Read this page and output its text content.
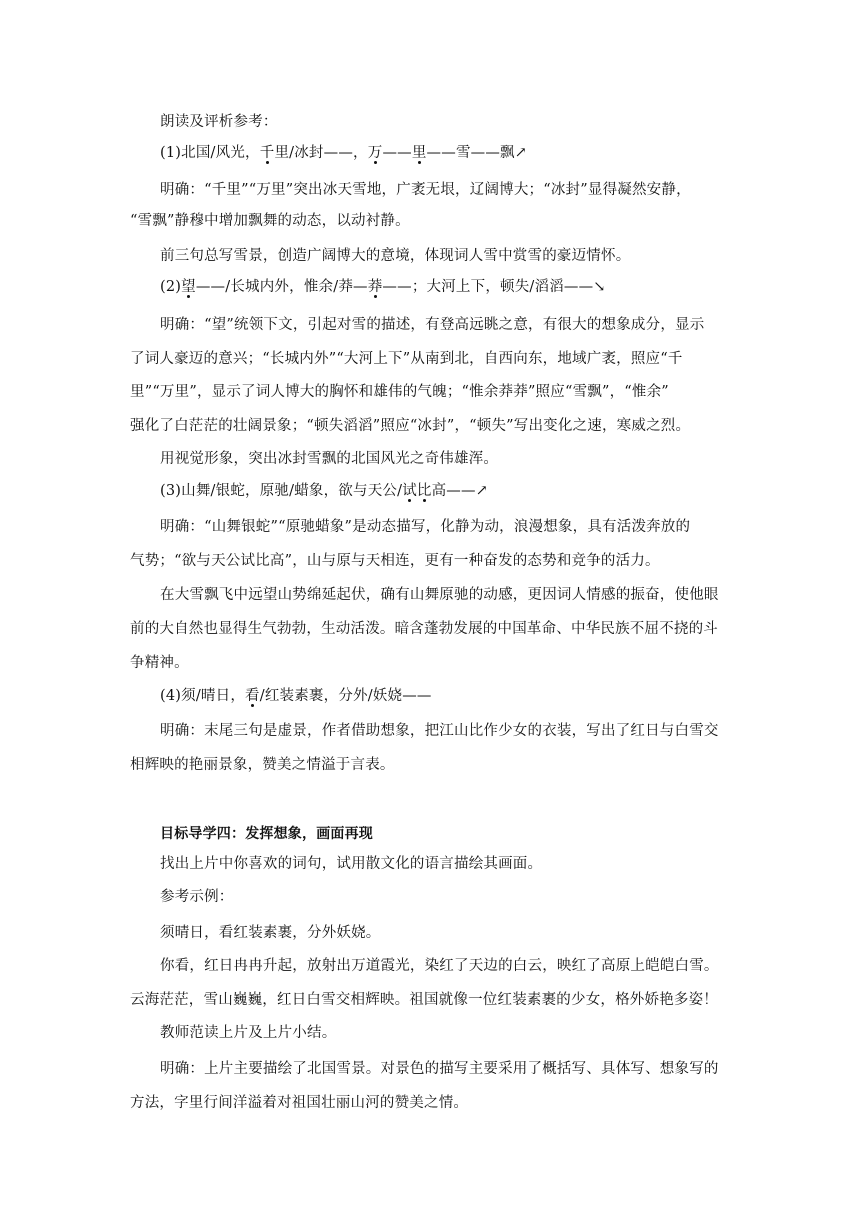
朗读及评析参考：
(1)北国/风光，千里/冰封——，万——里——雪——飘↗
明确：“千里”“万里”突出冰天雪地，广袤无垠，辽阔博大；“冰封”显得凝然安静，
“雪飘”静穆中增加飘舞的动态，以动衬静。
前三句总写雪景，创造广阔博大的意境，体现词人雪中赏雪的豪迈情怀。
(2)望——/长城内外，惟余/莽—莽——；大河上下，顿失/滔滔——↘
明确：“望”统领下文，引起对雪的描述，有登高远眺之意，有很大的想象成分，显示
了词人豪迈的意兴；“长城内外”“大河上下”从南到北，自西向东，地域广袤，照应“千
里”“万里”，显示了词人博大的胸怀和雄伟的气魄；“惟余莽莽”照应“雪飘”，“惟余”
强化了白茫茫的壮阔景象；“顿失滔滔”照应“冰封”，“顿失”写出变化之速，寒威之烈。
用视觉形象，突出冰封雪飘的北国风光之奇伟雄浑。
(3)山舞/银蛇，原驰/蜡象，欲与天公/试比高——↗
明确：“山舞银蛇”“原驰蜡象”是动态描写，化静为动，浪漫想象，具有活泼奔放的
气势；“欲与天公试比高”，山与原与天相连，更有一种奋发的态势和竞争的活力。
在大雪飘飞中远望山势绵延起伏，确有山舞原驰的动感，更因词人情感的振奋，使他眼
前的大自然也显得生气勃勃，生动活泼。暗含蓬勃发展的中国革命、中华民族不屈不挠的斗
争精神。
(4)须/晴日，看/红装素裹，分外/妖娆——
明确：末尾三句是虚景，作者借助想象，把江山比作少女的衣装，写出了红日与白雪交
相辉映的艳丽景象，赞美之情溢于言表。
目标导学四：发挥想象，画面再现
找出上片中你喜欢的词句，试用散文化的语言描绘其画面。
参考示例：
须晴日，看红装素裹，分外妖娆。
你看，红日冉冉升起，放射出万道霞光，染红了天边的白云，映红了高原上皑皑白雪。
云海茫茫，雪山巍巍，红日白雪交相辉映。祖国就像一位红装素裹的少女，格外娇艳多姿！
教师范读上片及上片小结。
明确：上片主要描绘了北国雪景。对景色的描写主要采用了概括写、具体写、想象写的
方法，字里行间洋溢着对祖国壮丽山河的赞美之情。
